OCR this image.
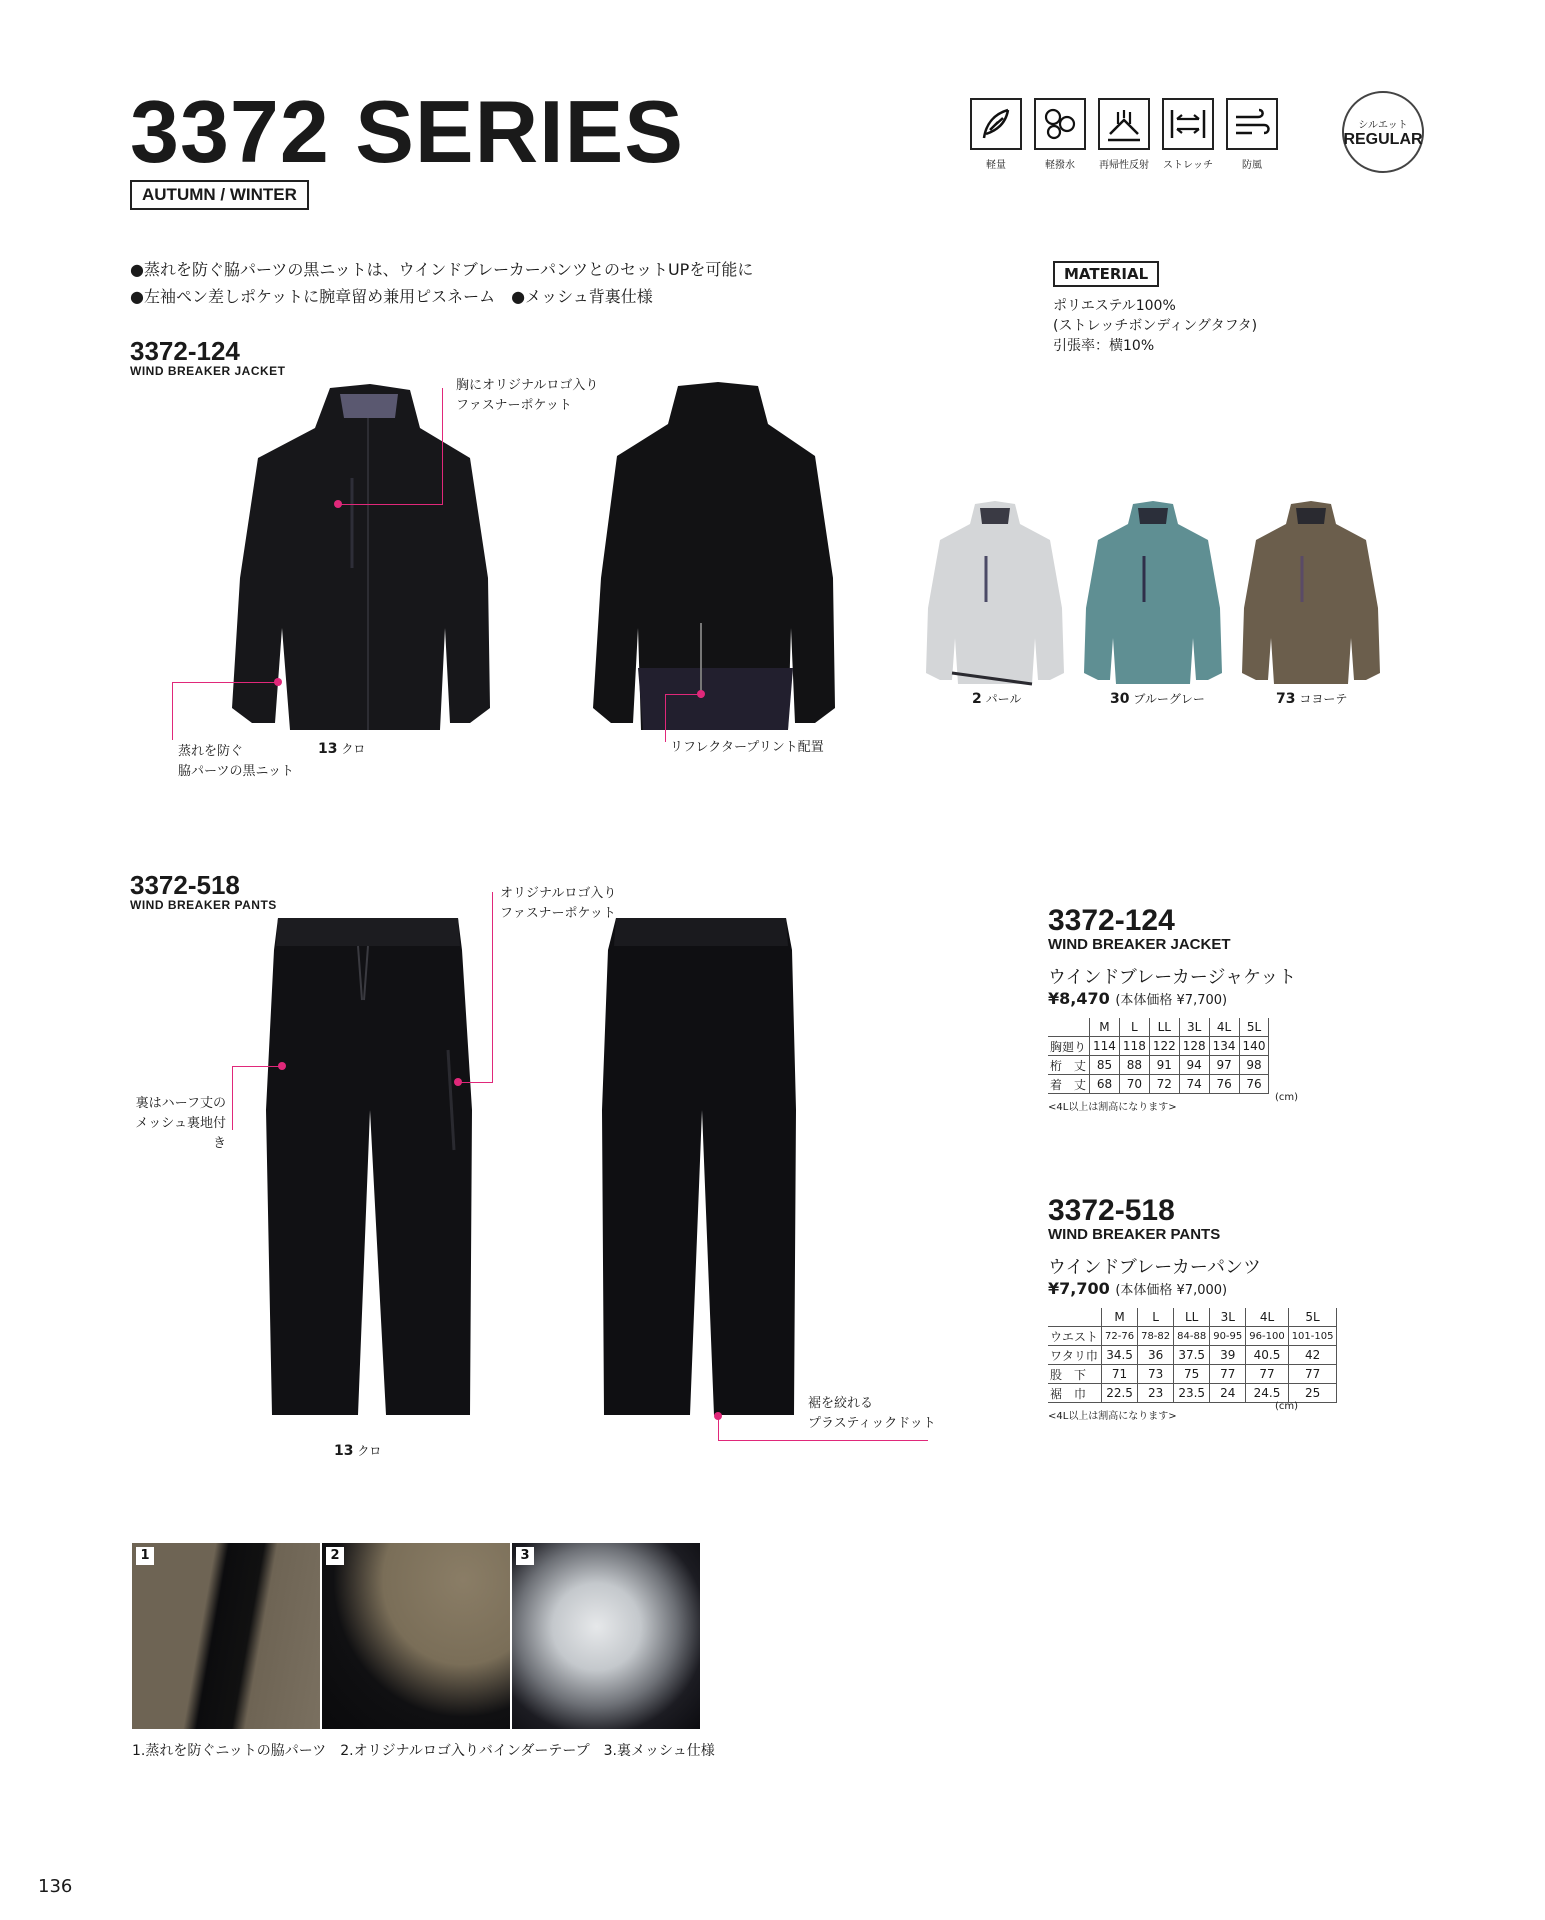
3372 SERIES
AUTUMN / WINTER
●蒸れを防ぐ脇パーツの黒ニットは、ウインドブレーカーパンツとのセットUPを可能に
●左袖ペン差しポケットに腕章留め兼用ピスネーム　●メッシュ背裏仕様
軽量	軽撥水	再帰性反射	ストレッチ	防風
シルエット
REGULAR
MATERIAL
ポリエステル100%
(ストレッチボンディングタフタ)
引張率：横10%
3372-124
WIND BREAKER JACKET
胸にオリジナルロゴ入り
ファスナーポケット
蒸れを防ぐ
脇パーツの黒ニット
リフレクタープリント配置
13 クロ
2 パール	30 ブルーグレー	73 コヨーテ
3372-518
WIND BREAKER PANTS
オリジナルロゴ入り
ファスナーポケット
裏はハーフ丈の
メッシュ裏地付き
裾を絞れる
プラスティックドット
13 クロ
3372-124
WIND BREAKER JACKET
ウインドブレーカージャケット
¥8,470 (本体価格 ¥7,700)
	M	L	LL	3L	4L	5L
胸廻り	114	118	122	128	134	140
桁　丈	85	88	91	94	97	98
着　丈	68	70	72	74	76	76
<4L以上は割高になります>
(cm)
3372-518
WIND BREAKER PANTS
ウインドブレーカーパンツ
¥7,700 (本体価格 ¥7,000)
	M	L	LL	3L	4L	5L
ウエスト	72-76	78-82	84-88	90-95	96-100	101-105
ワタリ巾	34.5	36	37.5	39	40.5	42
股　下	71	73	75	77	77	77
裾　巾	22.5	23	23.5	24	24.5	25
<4L以上は割高になります>
(cm)
1	2	3
1.蒸れを防ぐニットの脇パーツ　2.オリジナルロゴ入りバインダーテープ　3.裏メッシュ仕様
136
